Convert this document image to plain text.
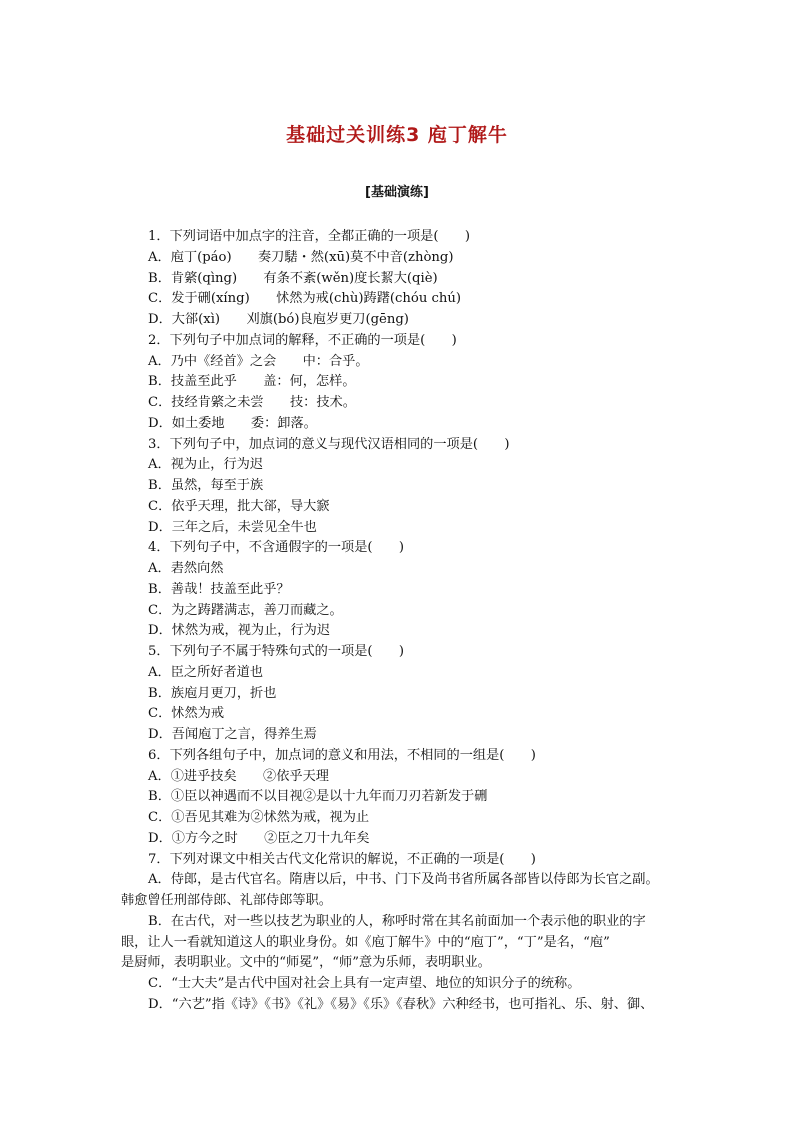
基础过关训练3 庖丁解牛
[基础演练]
1．下列词语中加点字的注音，全都正确的一项是(　　)
A．庖丁(páo)　　奏刀騞・然(xū)莫不中音(zhòng)
B．肯綮(qìng)　　有条不紊(wěn)度长絜大(qiè)
C．发于硎(xíng)　　怵然为戒(chù)踌躇(chóu chú)
D．大郤(xì)　　刈旗(bó)良庖岁更刀(gēng)
2．下列句子中加点词的解释，不正确的一项是(　　)
A．乃中《经首》之会　　中：合乎。
B．技盖至此乎　　盖：何，怎样。
C．技经肯綮之未尝　　技：技术。
D．如土委地　　委：卸落。
3．下列句子中，加点词的意义与现代汉语相同的一项是(　　)
A．视为止，行为迟
B．虽然，每至于族
C．依乎天理，批大郤，导大窾
D．三年之后，未尝见全牛也
4．下列句子中，不含通假字的一项是(　　)
A．砉然向然
B．善哉！技盖至此乎？
C．为之踌躇满志，善刀而藏之。
D．怵然为戒，视为止，行为迟
5．下列句子不属于特殊句式的一项是(　　)
A．臣之所好者道也
B．族庖月更刀，折也
C．怵然为戒
D．吾闻庖丁之言，得养生焉
6．下列各组句子中，加点词的意义和用法，不相同的一组是(　　)
A．①进乎技矣　　②依乎天理
B．①臣以神遇而不以目视②是以十九年而刀刃若新发于硎
C．①吾见其难为②怵然为戒，视为止
D．①方今之时　　②臣之刀十九年矣
7．下列对课文中相关古代文化常识的解说，不正确的一项是(　　)
A．侍郎，是古代官名。隋唐以后，中书、门下及尚书省所属各部皆以侍郎为长官之副。
韩愈曾任刑部侍郎、礼部侍郎等职。
B．在古代，对一些以技艺为职业的人，称呼时常在其名前面加一个表示他的职业的字
眼，让人一看就知道这人的职业身份。如《庖丁解牛》中的“庖丁”，“丁”是名，“庖”
是厨师，表明职业。文中的“师冕”，“师”意为乐师，表明职业。
C．“士大夫”是古代中国对社会上具有一定声望、地位的知识分子的统称。
D．“六艺”指《诗》《书》《礼》《易》《乐》《春秋》六种经书，也可指礼、乐、射、御、
